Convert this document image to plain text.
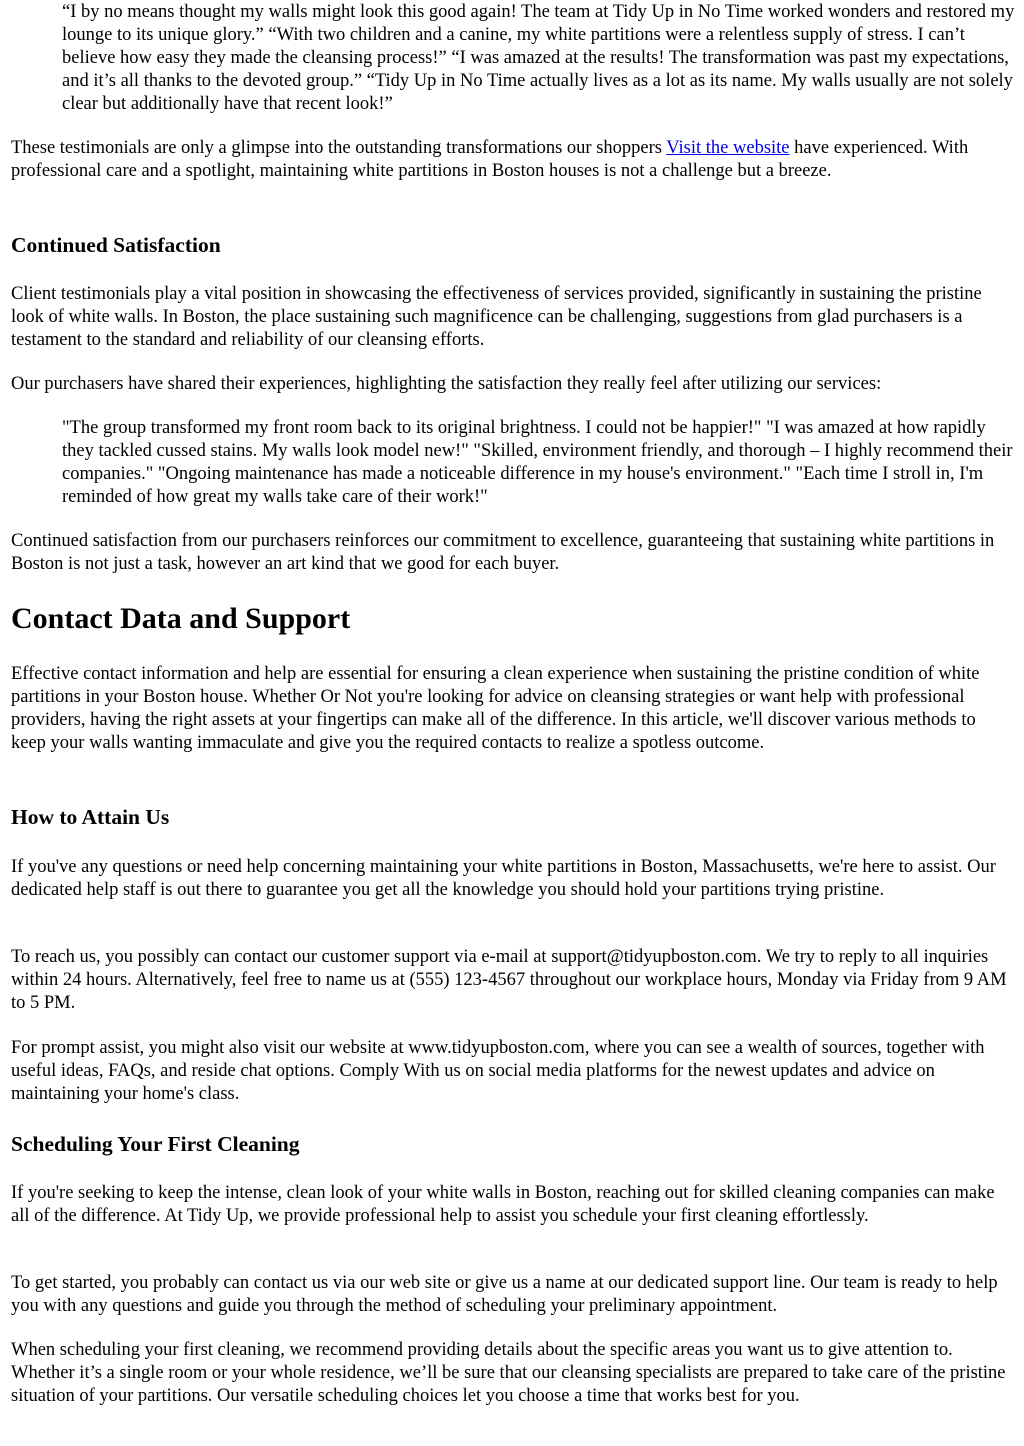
“I by no means thought my walls might look this good again! The team at Tidy Up in No Time worked wonders and restored my lounge to its unique glory.” “With two children and a canine, my white partitions were a relentless supply of stress. I can’t believe how easy they made the cleansing process!” “I was amazed at the results! The transformation was past my expectations, and it’s all thanks to the devoted group.” “Tidy Up in No Time actually lives as a lot as its name. My walls usually are not solely clear but additionally have that recent look!”

These testimonials are only a glimpse into the outstanding transformations our shoppers Visit the website have experienced. With professional care and a spotlight, maintaining white partitions in Boston houses is not a challenge but a breeze.

Continued Satisfaction

Client testimonials play a vital position in showcasing the effectiveness of services provided, significantly in sustaining the pristine look of white walls. In Boston, the place sustaining such magnificence can be challenging, suggestions from glad purchasers is a testament to the standard and reliability of our cleansing efforts.

Our purchasers have shared their experiences, highlighting the satisfaction they really feel after utilizing our services:

"The group transformed my front room back to its original brightness. I could not be happier!" "I was amazed at how rapidly they tackled cussed stains. My walls look model new!" "Skilled, environment friendly, and thorough – I highly recommend their companies." "Ongoing maintenance has made a noticeable difference in my house's environment." "Each time I stroll in, I'm reminded of how great my walls take care of their work!"

Continued satisfaction from our purchasers reinforces our commitment to excellence, guaranteeing that sustaining white partitions in Boston is not just a task, however an art kind that we good for each buyer.

Contact Data and Support

Effective contact information and help are essential for ensuring a clean experience when sustaining the pristine condition of white partitions in your Boston house. Whether Or Not you're looking for advice on cleansing strategies or want help with professional providers, having the right assets at your fingertips can make all of the difference. In this article, we'll discover various methods to keep your walls wanting immaculate and give you the required contacts to realize a spotless outcome.

How to Attain Us

If you've any questions or need help concerning maintaining your white partitions in Boston, Massachusetts, we're here to assist. Our dedicated help staff is out there to guarantee you get all the knowledge you should hold your partitions trying pristine.

To reach us, you possibly can contact our customer support via e-mail at support@tidyupboston.com. We try to reply to all inquiries within 24 hours. Alternatively, feel free to name us at (555) 123-4567 throughout our workplace hours, Monday via Friday from 9 AM to 5 PM.

For prompt assist, you might also visit our website at www.tidyupboston.com, where you can see a wealth of sources, together with useful ideas, FAQs, and reside chat options. Comply With us on social media platforms for the newest updates and advice on maintaining your home's class.

Scheduling Your First Cleaning

If you're seeking to keep the intense, clean look of your white walls in Boston, reaching out for skilled cleaning companies can make all of the difference. At Tidy Up, we provide professional help to assist you schedule your first cleaning effortlessly.

To get started, you probably can contact us via our web site or give us a name at our dedicated support line. Our team is ready to help you with any questions and guide you through the method of scheduling your preliminary appointment.

When scheduling your first cleaning, we recommend providing details about the specific areas you want us to give attention to. Whether it’s a single room or your whole residence, we’ll be sure that our cleansing specialists are prepared to take care of the pristine situation of your partitions. Our versatile scheduling choices let you choose a time that works best for you.
